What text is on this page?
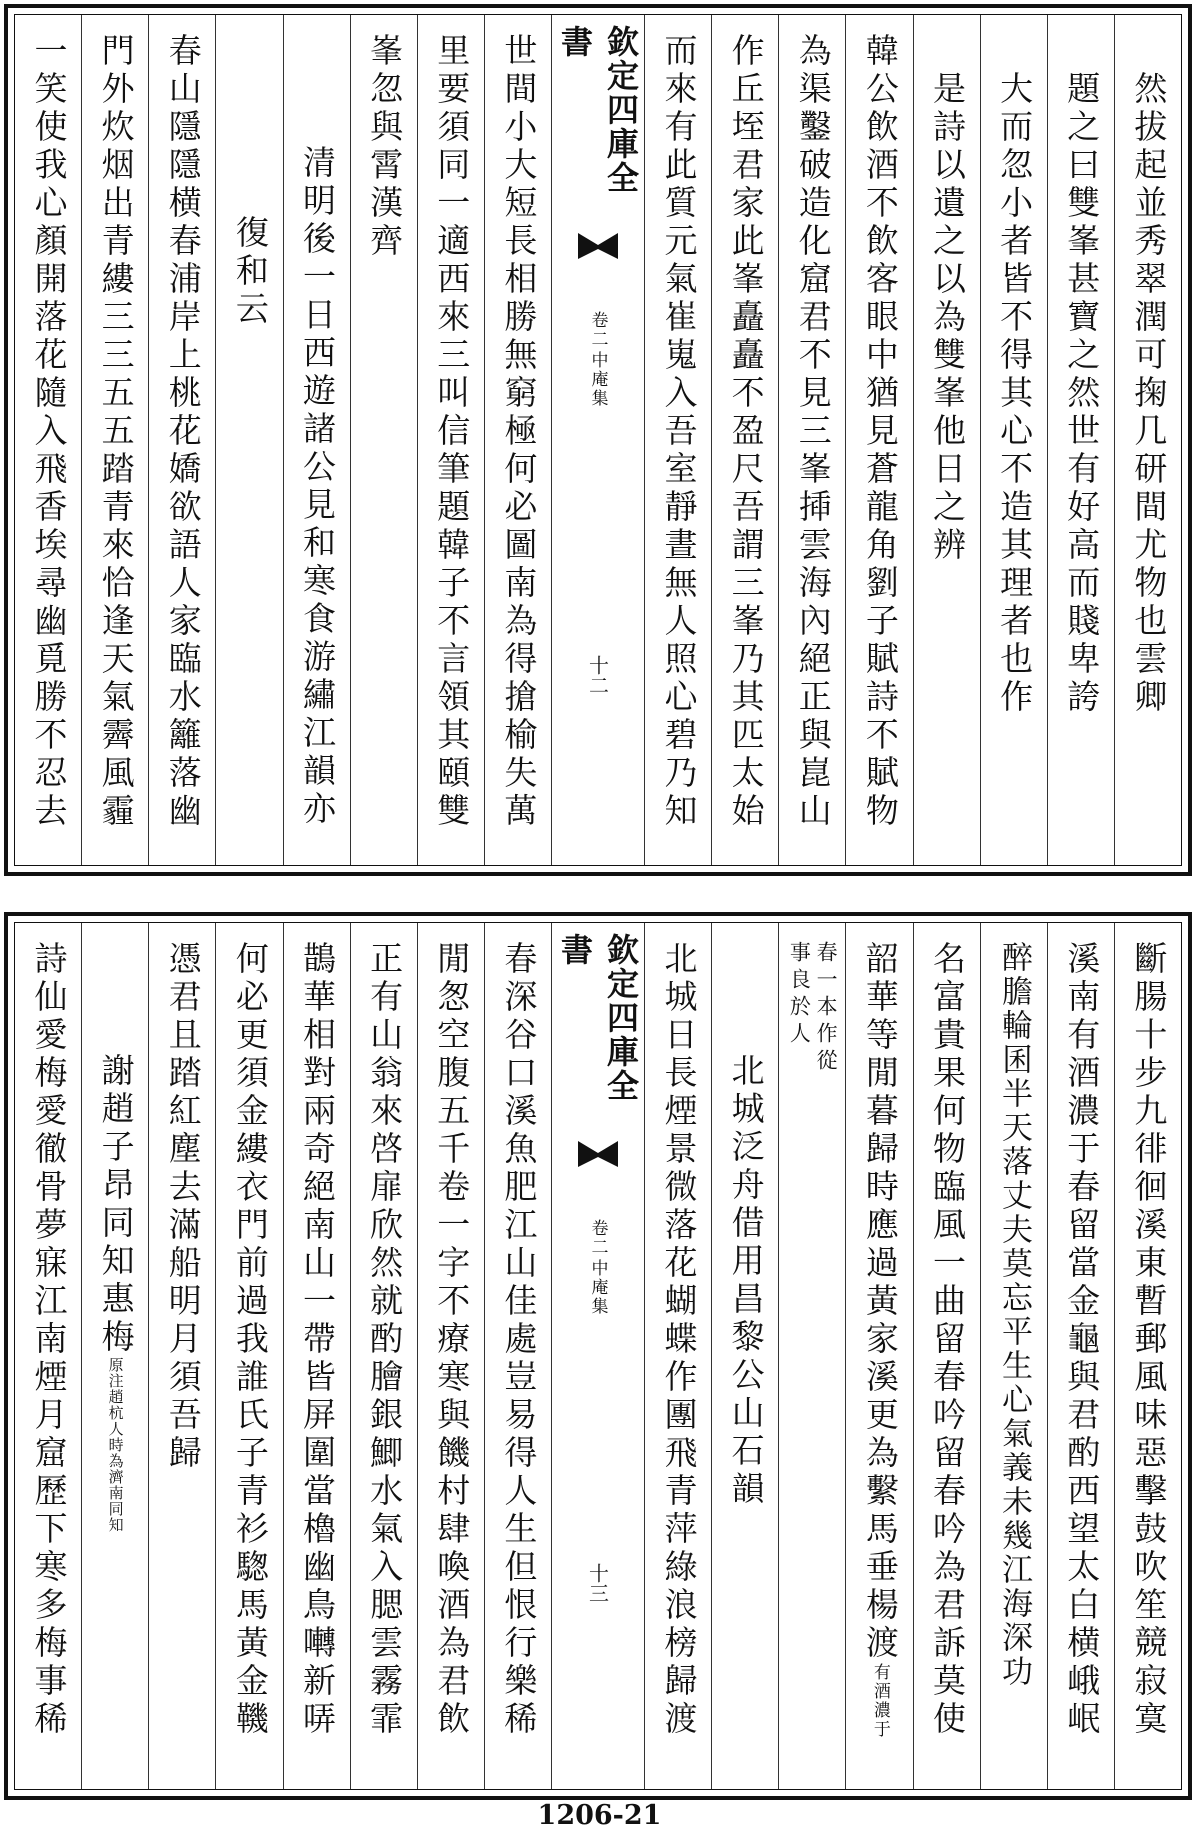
然拔起並秀翠潤可掬几研間尤物也雲卿
題之曰雙峯甚寶之然世有好高而賤卑誇
大而忽小者皆不得其心不造其理者也作
是詩以遺之以為雙峯他日之辨
韓公飲酒不飲客眼中猶見蒼龍角劉子賦詩不賦物
為渠鑿破造化窟君不見三峯揷雲海內絕正與崑山
作丘垤君家此峯矗矗不盈尺吾謂三峯乃其匹太始
而來有此質元氣崔嵬入吾室靜晝無人照心碧乃知
欽定四庫全書
中庵集
卷二
十二
世間小大短長相勝無窮極何必圖南為得搶榆失萬
里要須同一適西來三叫信筆題韓子不言領其頤雙
峯忽與霄漢齊
清明後一日西遊諸公見和寒食游繡江韻亦
復和云
春山隱隱横春浦岸上桃花嬌欲語人家臨水籬落幽
門外炊烟出青縷三三五五踏青來恰逢天氣霽風霾
一笑使我心顏開落花隨入飛香埃尋幽覓勝不忍去
斷腸十步九徘徊溪東暫郵風味惡擊鼓吹笙競寂寞
溪南有酒濃于春留當金龜與君酌西望太白横峨岷
醉膽輪囷半天落丈夫莫忘平生心氣義未幾江海深功
名富貴果何物臨風一曲留春吟留春吟為君訴莫使
韶華等閒暮歸時應過黃家溪更為繫馬垂楊渡有酒濃于
春一本作從
事良於人
北城泛舟借用昌黎公山石韻
北城日長煙景微落花蝴蝶作團飛青萍綠浪榜歸渡
欽定四庫全書
中庵集
卷二
十三
春深谷口溪魚肥江山佳處豈易得人生但恨行樂稀
閒怱空腹五千卷一字不療寒與饑村肆喚酒為君飲
正有山翁來啓扉欣然就酌膾銀鯽水氣入腮雲霧霏
鵲華相對兩奇絕南山一帶皆屏圍當櫓幽鳥囀新哢
何必更須金縷衣門前過我誰氏子青衫騘馬黃金鞿
憑君且踏紅塵去滿船明月須吾歸
謝趙子昂同知惠梅原注趙杭人時為濟南同知
詩仙愛梅愛徹骨夢寐江南煙月窟歷下寒多梅事稀
1206-21
